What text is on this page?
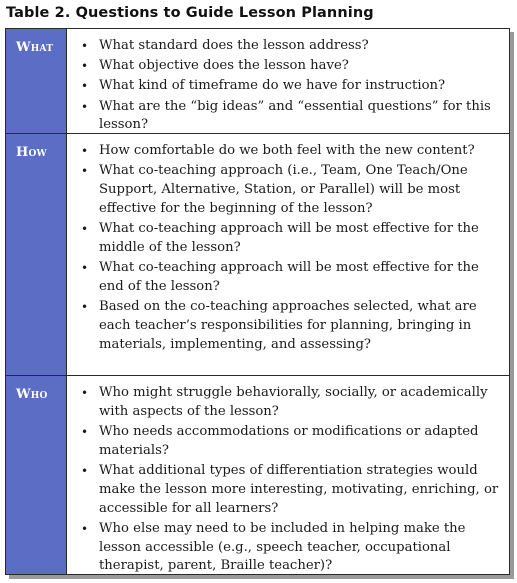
Table 2. Questions to Guide Lesson Planning
What • What standard does the lesson address?
• What objective does the lesson have?
• What kind of timeframe do we have for instruction?
• What are the “big ideas” and “essential questions” for this lesson?
How	• How comfortable do we both feel with the new content?
• What co-teaching approach (i.e., Team, One Teach/One Support, Alternative, Station, or Parallel) will be most effective for the beginning of the lesson?
• What co-teaching approach will be most effective for the middle of the lesson?
• What co-teaching approach will be most effective for the end of the lesson?
• Based on the co-teaching approaches selected, what are each teacher’s responsibilities for planning, bringing in materials, implementing, and assessing?
Who	• Who might struggle behaviorally, socially, or academically with aspects of the lesson?
• Who needs accommodations or modifications or adapted materials?
• What additional types of differentiation strategies would make the lesson more interesting, motivating, enriching, or accessible for all learners?
• Who else may need to be included in helping make the lesson accessible (e.g., speech teacher, occupational therapist, parent, Braille teacher)?
